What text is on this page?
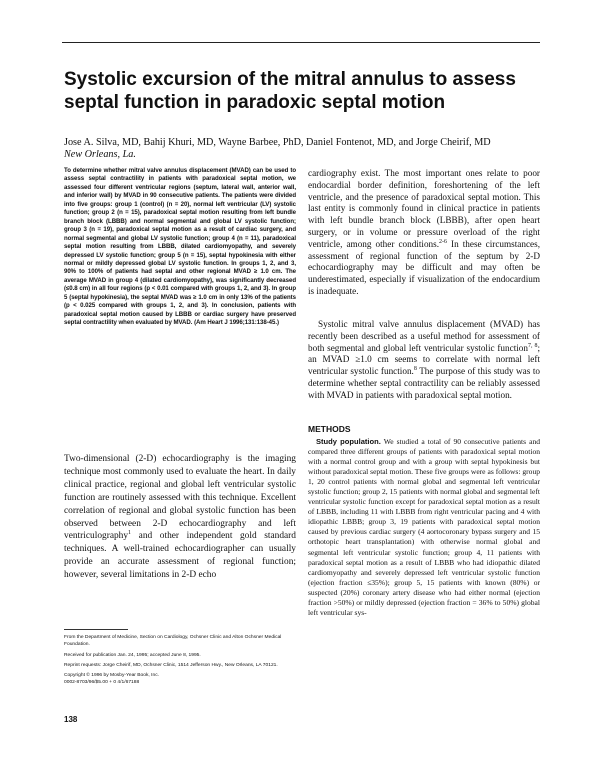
Systolic excursion of the mitral annulus to assess septal function in paradoxic septal motion
Jose A. Silva, MD, Bahij Khuri, MD, Wayne Barbee, PhD, Daniel Fontenot, MD, and Jorge Cheirif, MD
New Orleans, La.

To determine whether mitral valve annulus displacement (MVAD) can be used to assess septal contractility in patients with paradoxical septal motion, we assessed four different ventricular regions (septum, lateral wall, anterior wall, and inferior wall) by MVAD in 90 consecutive patients. The patients were divided into five groups: group 1 (control) (n = 20), normal left ventricular (LV) systolic function; group 2 (n = 15), paradoxical septal motion resulting from left bundle branch block (LBBB) and normal segmental and global LV systolic function; group 3 (n = 19), paradoxical septal motion as a result of cardiac surgery, and normal segmental and global LV systolic function; group 4 (n = 11), paradoxical septal motion resulting from LBBB, dilated cardiomyopathy, and severely depressed LV systolic function; group 5 (n = 15), septal hypokinesia with either normal or mildly depressed global LV systolic function. In groups 1, 2, and 3, 90% to 100% of patients had septal and other regional MVAD ≥ 1.0 cm. The average MVAD in group 4 (dilated cardiomyopathy), was significantly decreased (≤0.8 cm) in all four regions (p < 0.01 compared with groups 1, 2, and 3). In group 5 (septal hypokinesia), the septal MVAD was ≥ 1.0 cm in only 13% of the patients (p < 0.025 compared with groups 1, 2, and 3). In conclusion, patients with paradoxical septal motion caused by LBBB or cardiac surgery have preserved septal contractility when evaluated by MVAD. (Am Heart J 1996;131:138-45.)

Two-dimensional (2-D) echocardiography is the imaging technique most commonly used to evaluate the heart. In daily clinical practice, regional and global left ventricular systolic function are routinely assessed with this technique. Excellent correlation of regional and global systolic function has been observed between 2-D echocardiography and left ventriculography$^1$ and other independent gold standard techniques. A well-trained echocardiographer can usually provide an accurate assessment of regional function; however, several limitations in 2-D echo

From the Department of Medicine, Section on Cardiology, Ochsner Clinic and Alton Ochsner Medical Foundation.

Received for publication Jan. 24, 1995; accepted June 8, 1995.

Reprint requests: Jorge Cheirif, MD, Ochsner Clinic, 1514 Jefferson Hwy., New Orleans, LA 70121.

Copyright © 1996 by Mosby-Year Book, Inc.

0002-8703/96/$5.00 + 0 4/1/67188

138

cardiography exist. The most important ones relate to poor endocardial border definition, foreshortening of the left ventricle, and the presence of paradoxical septal motion. This last entity is commonly found in clinical practice in patients with left bundle branch block (LBBB), after open heart surgery, or in volume or pressure overload of the right ventricle, among other conditions.$^{2-6}$ In these circumstances, assessment of regional function of the septum by 2-D echocardiography may be difficult and may often be underestimated, especially if visualization of the endocardium is inadequate.

Systolic mitral valve annulus displacement (MVAD) has recently been described as a useful method for assessment of both segmental and global left ventricular systolic function$^{7, 8}$; an MVAD ≥1.0 cm seems to correlate with normal left ventricular systolic function.$^8$ The purpose of this study was to determine whether septal contractility can be reliably assessed with MVAD in patients with paradoxical septal motion.

METHODS

Study population. We studied a total of 90 consecutive patients and compared three different groups of patients with paradoxical septal motion with a normal control group and with a group with septal hypokinesis but without paradoxical septal motion. These five groups were as follows: group 1, 20 control patients with normal global and segmental left ventricular systolic function; group 2, 15 patients with normal global and segmental left ventricular systolic function except for paradoxical septal motion as a result of LBBB, including 11 with LBBB from right ventricular pacing and 4 with idiopathic LBBB; group 3, 19 patients with paradoxical septal motion caused by previous cardiac surgery (4 aortocoronary bypass surgery and 15 orthotopic heart transplantation) with otherwise normal global and segmental left ventricular systolic function; group 4, 11 patients with paradoxical septal motion as a result of LBBB who had idiopathic dilated cardiomyopathy and severely depressed left ventricular systolic function (ejection fraction ≤35%); group 5, 15 patients with known (80%) or suspected (20%) coronary artery disease who had either normal (ejection fraction >50%) or mildly depressed (ejection fraction = 36% to 50%) global left ventricular sys-
